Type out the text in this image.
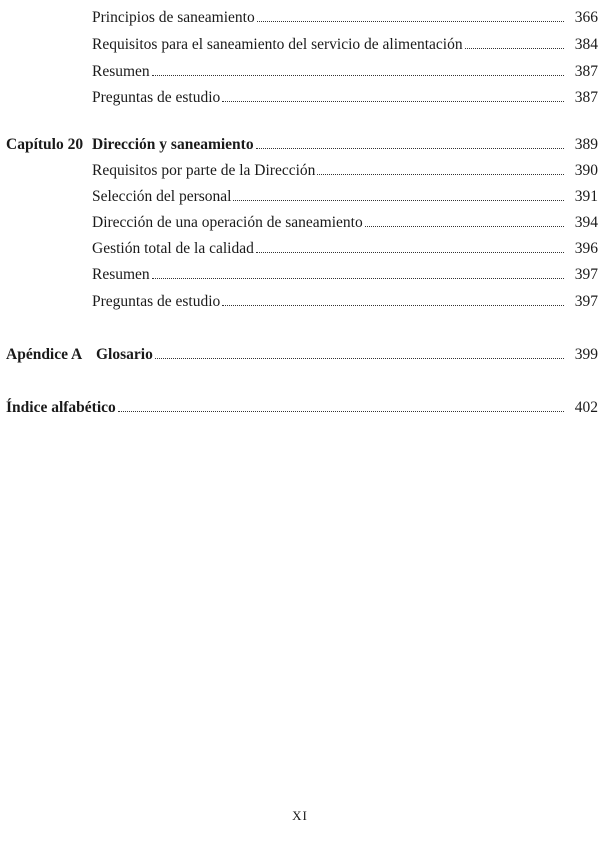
Principios de saneamiento	366
Requisitos para el saneamiento del servicio de alimentación	384
Resumen	387
Preguntas de estudio	387
Capítulo 20 Dirección y saneamiento	389
Requisitos por parte de la Dirección	390
Selección del personal	391
Dirección de una operación de saneamiento	394
Gestión total de la calidad	396
Resumen	397
Preguntas de estudio	397
Apéndice A Glosario	399
Índice alfabético	402
XI
